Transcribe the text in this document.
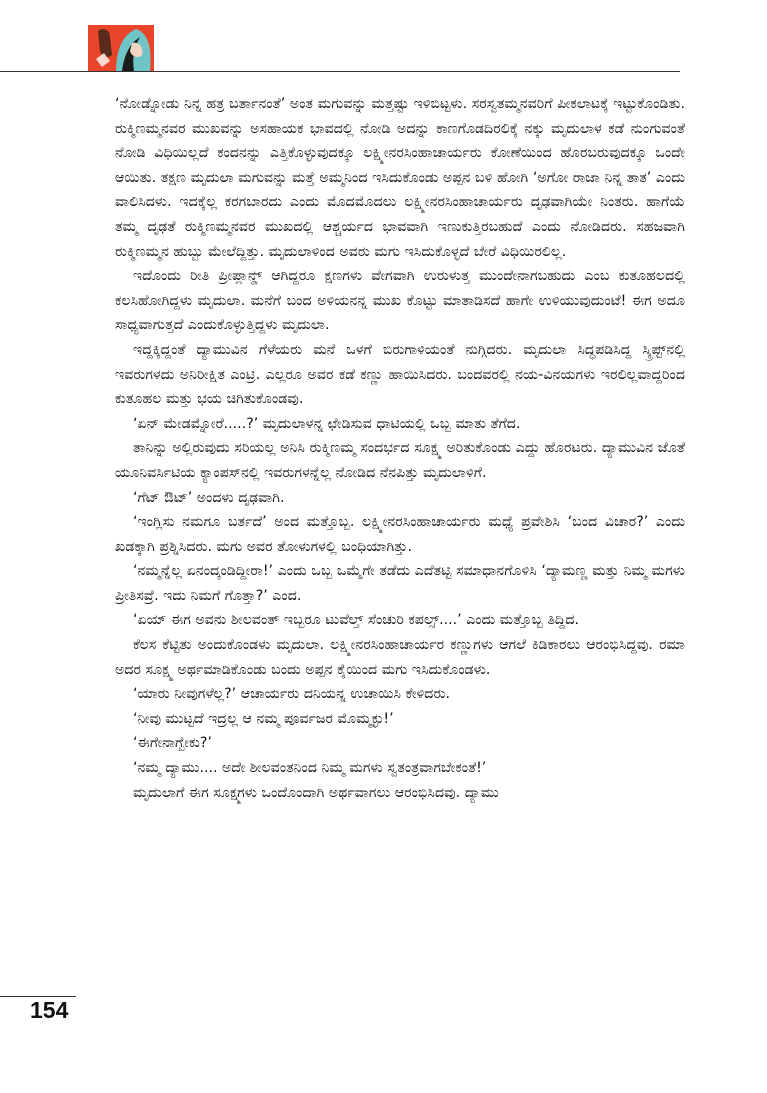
‘ನೋಡ್ನೋಡು ನಿನ್ನ ಹತ್ರ ಬರ್ತಾನಂತೆ’ ಅಂತ ಮಗುವನ್ನು ಮತ್ತಷ್ಟು ಇಳಿಬಿಟ್ಟಳು. ಸರಸ್ವತಮ್ಮನವರಿಗೆ ಪೀಕಲಾಟಕ್ಕೆ ಇಟ್ಟುಕೊಂಡಿತು. ರುಕ್ಮಿಣಮ್ಮನವರ ಮುಖವನ್ನು ಅಸಹಾಯಕ ಭಾವದಲ್ಲಿ ನೋಡಿ ಅದನ್ನು ಕಾಣಗೊಡದಿರಲಿಕ್ಕೆ ನಕ್ಕು ಮೃದುಲಾಳ ಕಡೆ ನುಂಗುವಂತೆ ನೋಡಿ ವಿಧಿಯಿಲ್ಲದೆ ಕಂದನನ್ನು ಎತ್ತಿಕೊಳ್ಳುವುದಕ್ಕೂ ಲಕ್ಷ್ಮೀನರಸಿಂಹಾಚಾರ್ಯರು ಕೋಣೆಯಿಂದ ಹೊರಬರುವುದಕ್ಕೂ ಒಂದೇ ಆಯಿತು. ತಕ್ಷಣ ಮೃದುಲಾ ಮಗುವನ್ನು ಮತ್ತೆ ಅಮ್ಮನಿಂದ ಇಸಿದುಕೊಂಡು ಅಪ್ಪನ ಬಳಿ ಹೋಗಿ ‘ಅಗೋ ರಾಜಾ ನಿನ್ನ ತಾತ’ ಎಂದು ವಾಲಿಸಿದಳು. ಇದಕ್ಕೆಲ್ಲ ಕರಗಬಾರದು ಎಂದು ಮೊದಮೊದಲು ಲಕ್ಷ್ಮೀನರಸಿಂಹಾಚಾರ್ಯರು ದೃಢವಾಗಿಯೇ ನಿಂತರು. ಹಾಗೆಯೆ ತಮ್ಮ ದೃಢತೆ ರುಕ್ಮಿಣಮ್ಮನವರ ಮುಖದಲ್ಲಿ ಆಶ್ಚರ್ಯದ ಭಾವವಾಗಿ ಇಣುಕುತ್ತಿರಬಹುದೆ ಎಂದು ನೋಡಿದರು. ಸಹಜವಾಗಿ ರುಕ್ಮಿಣಮ್ಮನ ಹುಬ್ಬು ಮೇಲೆದ್ದಿತ್ತು. ಮೃದುಲಾಳಿಂದ ಅವರು ಮಗು ಇಸಿದುಕೊಳ್ಳದೆ ಬೇರೆ ವಿಧಿಯಿರಲಿಲ್ಲ.

ಇದೊಂದು ರೀತಿ ಪ್ರೀಪ್ಲಾನ್ಡ್ ಆಗಿದ್ದರೂ ಕ್ಷಣಗಳು ವೇಗವಾಗಿ ಉರುಳುತ್ತ ಮುಂದೇನಾಗಬಹುದು ಎಂಬ ಕುತೂಹಲದಲ್ಲಿ ಕಲಸಿಹೋಗಿದ್ದಳು ಮೃದುಲಾ. ಮನೆಗೆ ಬಂದ ಅಳಿಯನನ್ನ ಮುಖ ಕೊಟ್ಟು ಮಾತಾಡಿಸದೆ ಹಾಗೇ ಉಳಿಯುವುದುಂಟೆ! ಈಗ ಅದೂ ಸಾಧ್ಯವಾಗುತ್ತದೆ ಎಂದುಕೊಳ್ಳುತ್ತಿದ್ದಳು ಮೃದುಲಾ.

ಇದ್ದಕ್ಕಿದ್ದಂತೆ ದ್ಯಾಮುವಿನ ಗೆಳೆಯರು ಮನೆ ಒಳಗೆ ಬಿರುಗಾಳಿಯಂತೆ ನುಗ್ಗಿದರು. ಮೃದುಲಾ ಸಿದ್ಧಪಡಿಸಿದ್ದ ಸ್ಕ್ರಿಪ್ಟ್‌ನಲ್ಲಿ ಇವರುಗಳದು ಅನಿರೀಕ್ಷಿತ ಎಂಟ್ರಿ. ಎಲ್ಲರೂ ಅವರ ಕಡೆ ಕಣ್ಣು ಹಾಯಿಸಿದರು. ಬಂದವರಲ್ಲಿ ನಯ-ವಿನಯಗಳು ಇರಲಿಲ್ಲವಾದ್ದರಿಂದ ಕುತೂಹಲ ಮತ್ತು ಭಯ ಚಿಗಿತುಕೊಂಡವು.

‘ಏನ್ ಮೇಡಮ್ನೋರೆ.....?’ ಮೃದುಲಾಳನ್ನ ಛೇಡಿಸುವ ಧಾಟಿಯಲ್ಲಿ ಒಬ್ಬ ಮಾತು ತೆಗೆದ.

ತಾನಿನ್ನು ಅಲ್ಲಿರುವುದು ಸರಿಯಲ್ಲ ಅನಿಸಿ ರುಕ್ಮಿಣಮ್ಮ ಸಂದರ್ಭದ ಸೂಕ್ಷ್ಮ ಅರಿತುಕೊಂಡು ಎದ್ದು ಹೊರಟರು. ದ್ಯಾಮುವಿನ ಜೊತೆ ಯೂನಿವರ್ಸಿಟಿಯ ಕ್ಯಾಂಪಸ್‌ನಲ್ಲಿ ಇವರುಗಳನ್ನೆಲ್ಲ ನೋಡಿದ ನೆನಪಿತ್ತು ಮೃದುಲಾಳಿಗೆ.

‘ಗೆಟ್ ಔಟ್’ ಅಂದಳು ದೃಢವಾಗಿ.

‘ಇಂಗ್ಲಿಸು ನಮಗೂ ಬರ್ತದೆ’ ಅಂದ ಮತ್ತೊಬ್ಬ. ಲಕ್ಷ್ಮೀನರಸಿಂಹಾಚಾರ್ಯರು ಮಧ್ಯೆ ಪ್ರವೇಶಿಸಿ ‘ಬಂದ ವಿಚಾರ?’ ಎಂದು ಖಡಕ್ಕಾಗಿ ಪ್ರಶ್ನಿಸಿದರು. ಮಗು ಅವರ ತೋಳುಗಳಲ್ಲಿ ಬಂಧಿಯಾಗಿತ್ತು.

‘ನಮ್ಮನ್ನೆಲ್ಲ ಏನಂದ್ಕಂಡಿದ್ದೀರಾ!’ ಎಂದು ಒಬ್ಬ ಒಮ್ಮೆಗೇ ತಡೆದು ಎದೆತಟ್ಟಿ ಸಮಾಧಾನಗೊಳಿಸಿ ‘ದ್ಯಾಮಣ್ಣ ಮತ್ತು ನಿಮ್ಮ ಮಗಳು ಪ್ರೀತಿಸವ್ರೆ. ಇದು ನಿಮಗೆ ಗೊತ್ತಾ?’ ಎಂದ.

‘ಏಯ್ ಈಗ ಅವನು ಶೀಲವಂತ್ ಇಬ್ಬರೂ ಟುವೆಲ್ತ್ ಸೆಂಚುರಿ ಕಪಲ್ಸ್....’ ಎಂದು ಮತ್ತೊಬ್ಬ ತಿದ್ದಿದ.

ಕೆಲಸ ಕೆಟ್ಟಿತು ಅಂದುಕೊಂಡಳು ಮೃದುಲಾ. ಲಕ್ಷ್ಮೀನರಸಿಂಹಾಚಾರ್ಯರ ಕಣ್ಣುಗಳು ಆಗಲೆ ಕಿಡಿಕಾರಲು ಆರಂಭಿಸಿದ್ದವು. ರಮಾ ಅದರ ಸೂಕ್ಷ್ಮ ಅರ್ಥಮಾಡಿಕೊಂಡು ಬಂದು ಅಪ್ಪನ ಕೈಯಿಂದ ಮಗು ಇಸಿದುಕೊಂಡಳು.

‘ಯಾರು ನೀವುಗಳೆಲ್ಲ?’ ಆಚಾರ್ಯರು ದನಿಯನ್ನ ಉಚಾಯಿಸಿ ಕೇಳಿದರು.

‘ನೀವು ಮುಟ್ಟದೆ ಇದ್ರಲ್ಲ ಆ ನಮ್ಮ ಪೂರ್ವಜರ ಮೊಮ್ಮಕ್ಳು!’

‘ಈಗೇನಾಗ್ಬೇಕು?’

‘ನಮ್ಮ ದ್ಯಾಮು.... ಅದೇ ಶೀಲವಂತನಿಂದ ನಿಮ್ಮ ಮಗಳು ಸ್ವತಂತ್ರವಾಗಬೇಕಂತೆ!’

ಮೃದುಲಾಗೆ ಈಗ ಸೂಕ್ಷ್ಮಗಳು ಒಂದೊಂದಾಗಿ ಅರ್ಥವಾಗಲು ಆರಂಭಿಸಿದವು. ದ್ಯಾಮು

154
